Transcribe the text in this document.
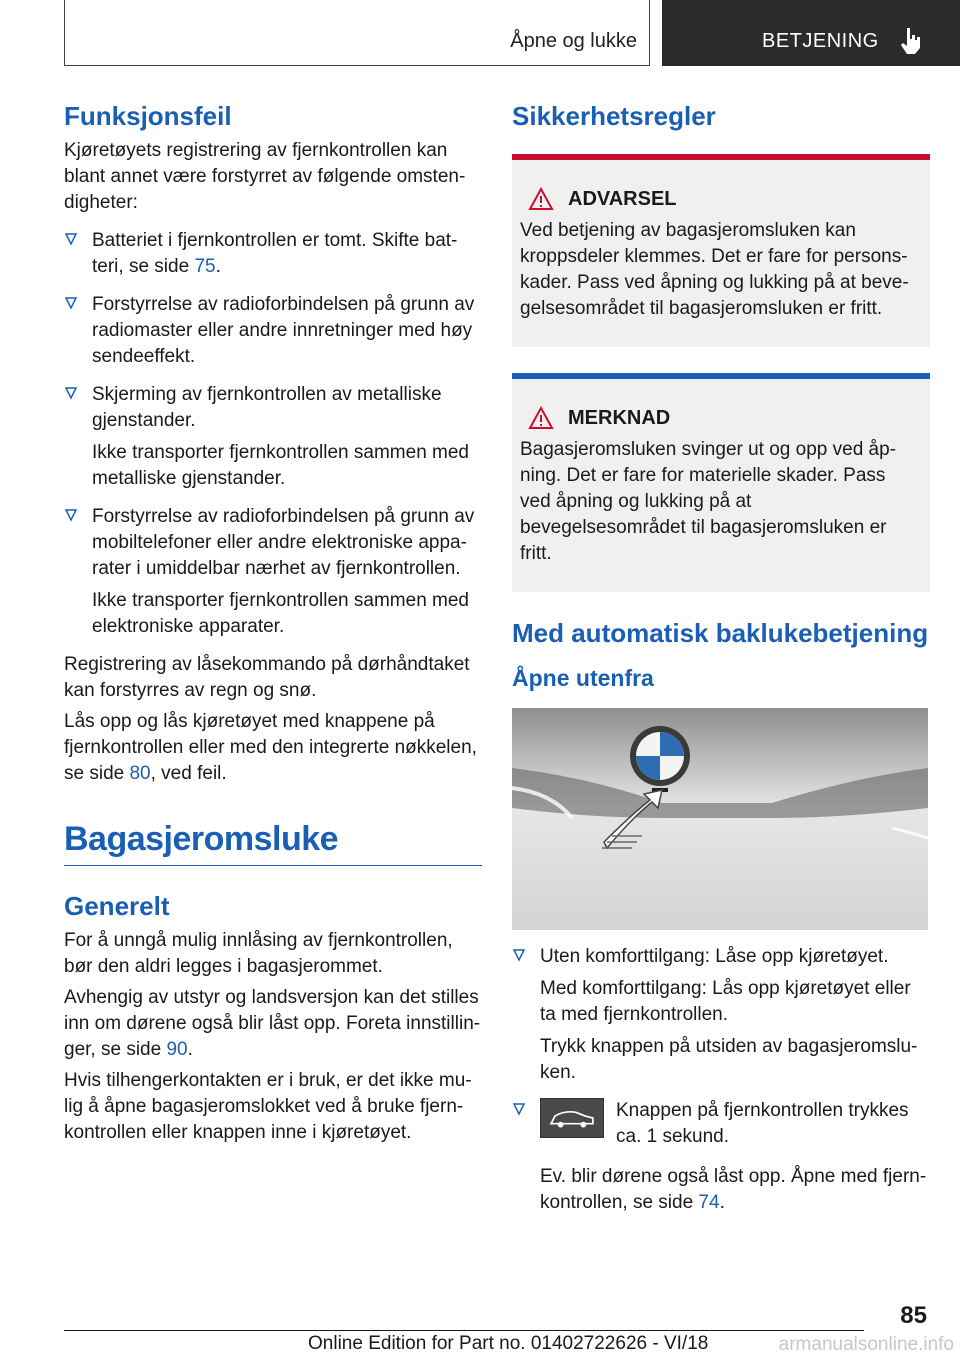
Åpne og lukke	BETJENING
Funksjonsfeil

Kjøretøyets registrering av fjernkontrollen kan blant annet være forstyrret av følgende omsten-digheter:

Batteriet i fjernkontrollen er tomt. Skifte bat-teri, se side 75.

Forstyrrelse av radioforbindelsen på grunn av radiomaster eller andre innretninger med høy sendeeffekt.

Skjerming av fjernkontrollen av metalliske gjenstander.

Ikke transporter fjernkontrollen sammen med metalliske gjenstander.

Forstyrrelse av radioforbindelsen på grunn av mobiltelefoner eller andre elektroniske appa-rater i umiddelbar nærhet av fjernkontrollen.

Ikke transporter fjernkontrollen sammen med elektroniske apparater.

Registrering av låsekommando på dørhåndtaket kan forstyrres av regn og snø.

Lås opp og lås kjøretøyet med knappene på fjernkontrollen eller med den integrerte nøkkelen, se side 80, ved feil.

Bagasjeromsluke
Generelt

For å unngå mulig innlåsing av fjernkontrollen, bør den aldri legges i bagasjerommet.

Avhengig av utstyr og landsversjon kan det stilles inn om dørene også blir låst opp. Foreta innstillin-ger, se side 90.

Hvis tilhengerkontakten er i bruk, er det ikke mu-lig å åpne bagasjeromslokket ved å bruke fjern-kontrollen eller knappen inne i kjøretøyet.

Sikkerhetsregler
ADVARSEL

Ved betjening av bagasjeromsluken kan kroppsdeler klemmes. Det er fare for persons-kader. Pass ved åpning og lukking på at beve-gelsesområdet til bagasjeromsluken er fritt.

MERKNAD

Bagasjeromsluken svinger ut og opp ved åp-ning. Det er fare for materielle skader. Pass ved åpning og lukking på at bevegelsesområdet til bagasjeromsluken er fritt.

Med automatisk baklukebetjening
Åpne utenfra

Uten komforttilgang: Låse opp kjøretøyet.

Med komforttilgang: Lås opp kjøretøyet eller ta med fjernkontrollen.

Trykk knappen på utsiden av bagasjeromslu-ken.

Knappen på fjernkontrollen trykkes ca. 1 sekund.

Ev. blir dørene også låst opp. Åpne med fjern-kontrollen, se side 74.

85
Online Edition for Part no. 01402722626 - VI/18	armanualsonline.info
